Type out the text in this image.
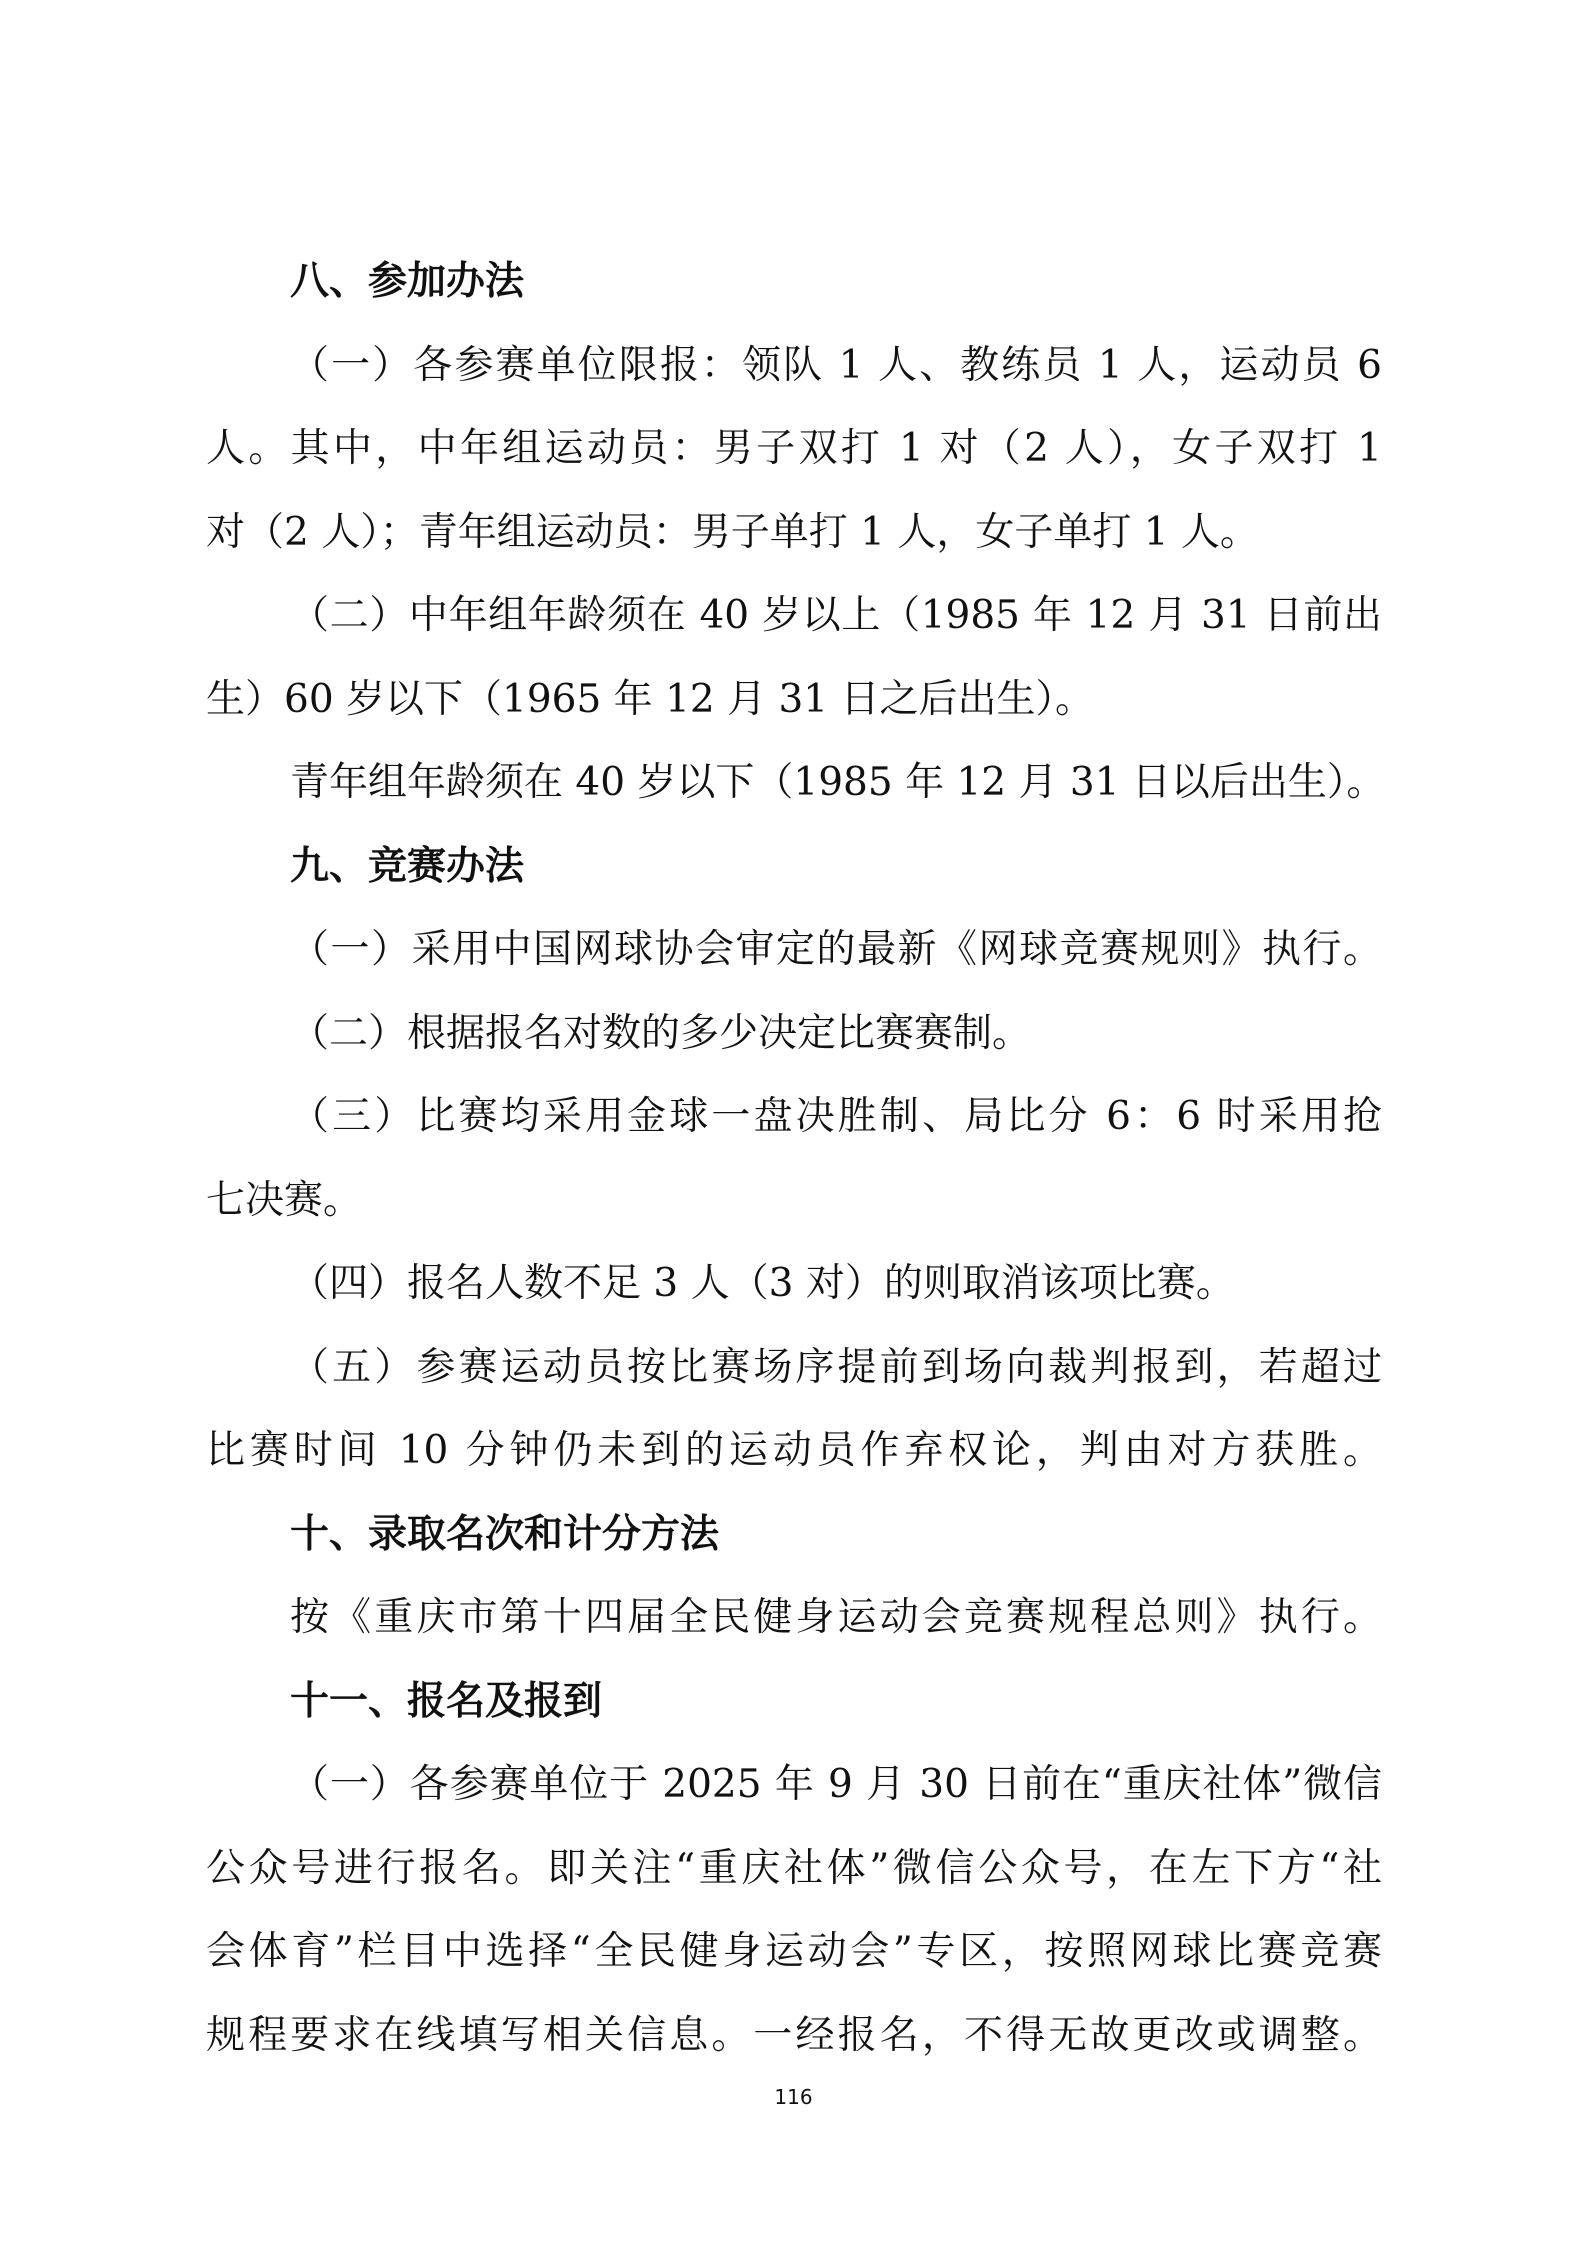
八、参加办法
（一）各参赛单位限报：领队 1 人、教练员 1 人，运动员 6
人。其中，中年组运动员：男子双打 1 对（2 人），女子双打 1
对（2 人）；青年组运动员：男子单打 1 人，女子单打 1 人。
（二）中年组年龄须在 40 岁以上（1985 年 12 月 31 日前出
生）60 岁以下（1965 年 12 月 31 日之后出生）。
青年组年龄须在 40 岁以下（1985 年 12 月 31 日以后出生）。
九、竞赛办法
（一）采用中国网球协会审定的最新《网球竞赛规则》执行。
（二）根据报名对数的多少决定比赛赛制。
（三）比赛均采用金球一盘决胜制、局比分 6：6 时采用抢
七决赛。
（四）报名人数不足 3 人（3 对）的则取消该项比赛。
（五）参赛运动员按比赛场序提前到场向裁判报到，若超过
比赛时间 10 分钟仍未到的运动员作弃权论，判由对方获胜。
十、录取名次和计分方法
按《重庆市第十四届全民健身运动会竞赛规程总则》执行。
十一、报名及报到
（一）各参赛单位于 2025 年 9 月 30 日前在“重庆社体”微信
公众号进行报名。即关注“重庆社体”微信公众号，在左下方“社
会体育”栏目中选择“全民健身运动会”专区，按照网球比赛竞赛
规程要求在线填写相关信息。一经报名，不得无故更改或调整。
116
